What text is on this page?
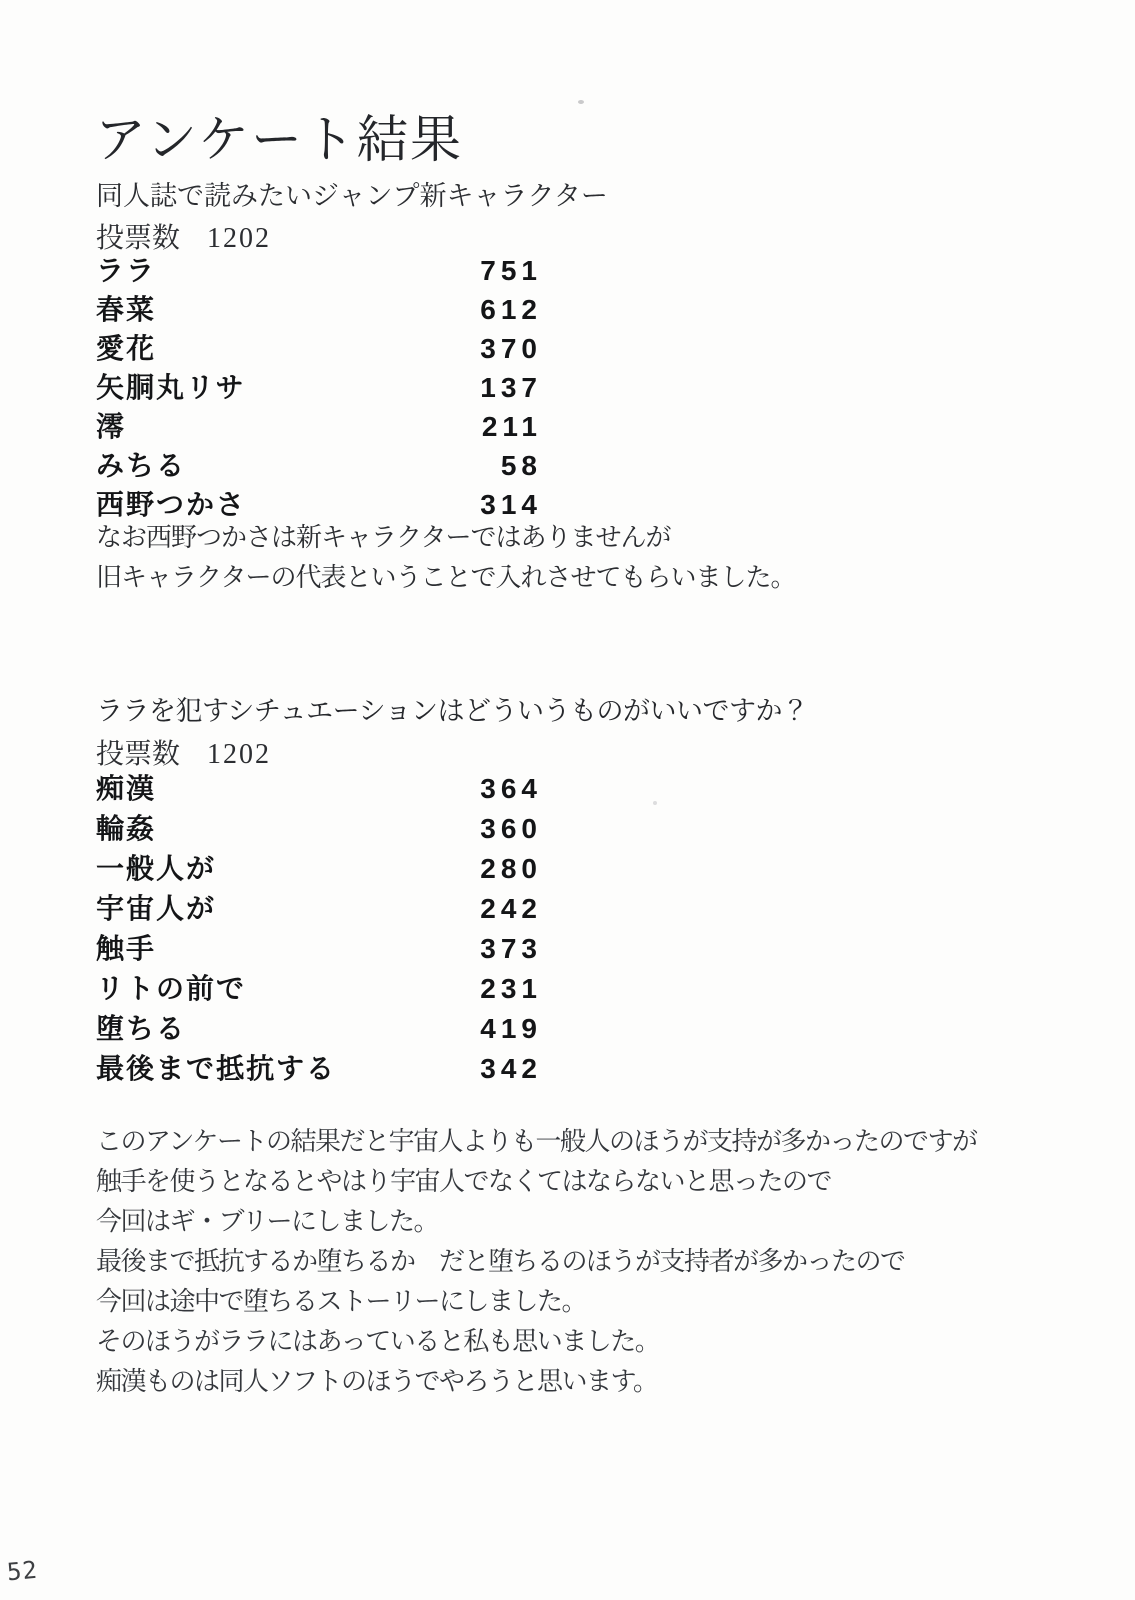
アンケート結果
同人誌で読みたいジャンプ新キャラクター
投票数 1202
751
ララ
612
春菜
370
愛花
137
矢胴丸リサ
211
澪
58
みちる
314
西野つかさ
なお西野つかさは新キャラクターではありませんが
旧キャラクターの代表ということで入れさせてもらいました。
ララを犯すシチュエーションはどういうものがいいですか？
投票数 1202
364
痴漢
360
輪姦
280
一般人が
242
宇宙人が
373
触手
231
リトの前で
419
堕ちる
342
最後まで抵抗する
このアンケートの結果だと宇宙人よりも一般人のほうが支持が多かったのですが
触手を使うとなるとやはり宇宙人でなくてはならないと思ったので
今回はギ・ブリーにしました。
最後まで抵抗するか堕ちるか　だと堕ちるのほうが支持者が多かったので
今回は途中で堕ちるストーリーにしました。
そのほうがララにはあっていると私も思いました。
痴漢ものは同人ソフトのほうでやろうと思います。
52
